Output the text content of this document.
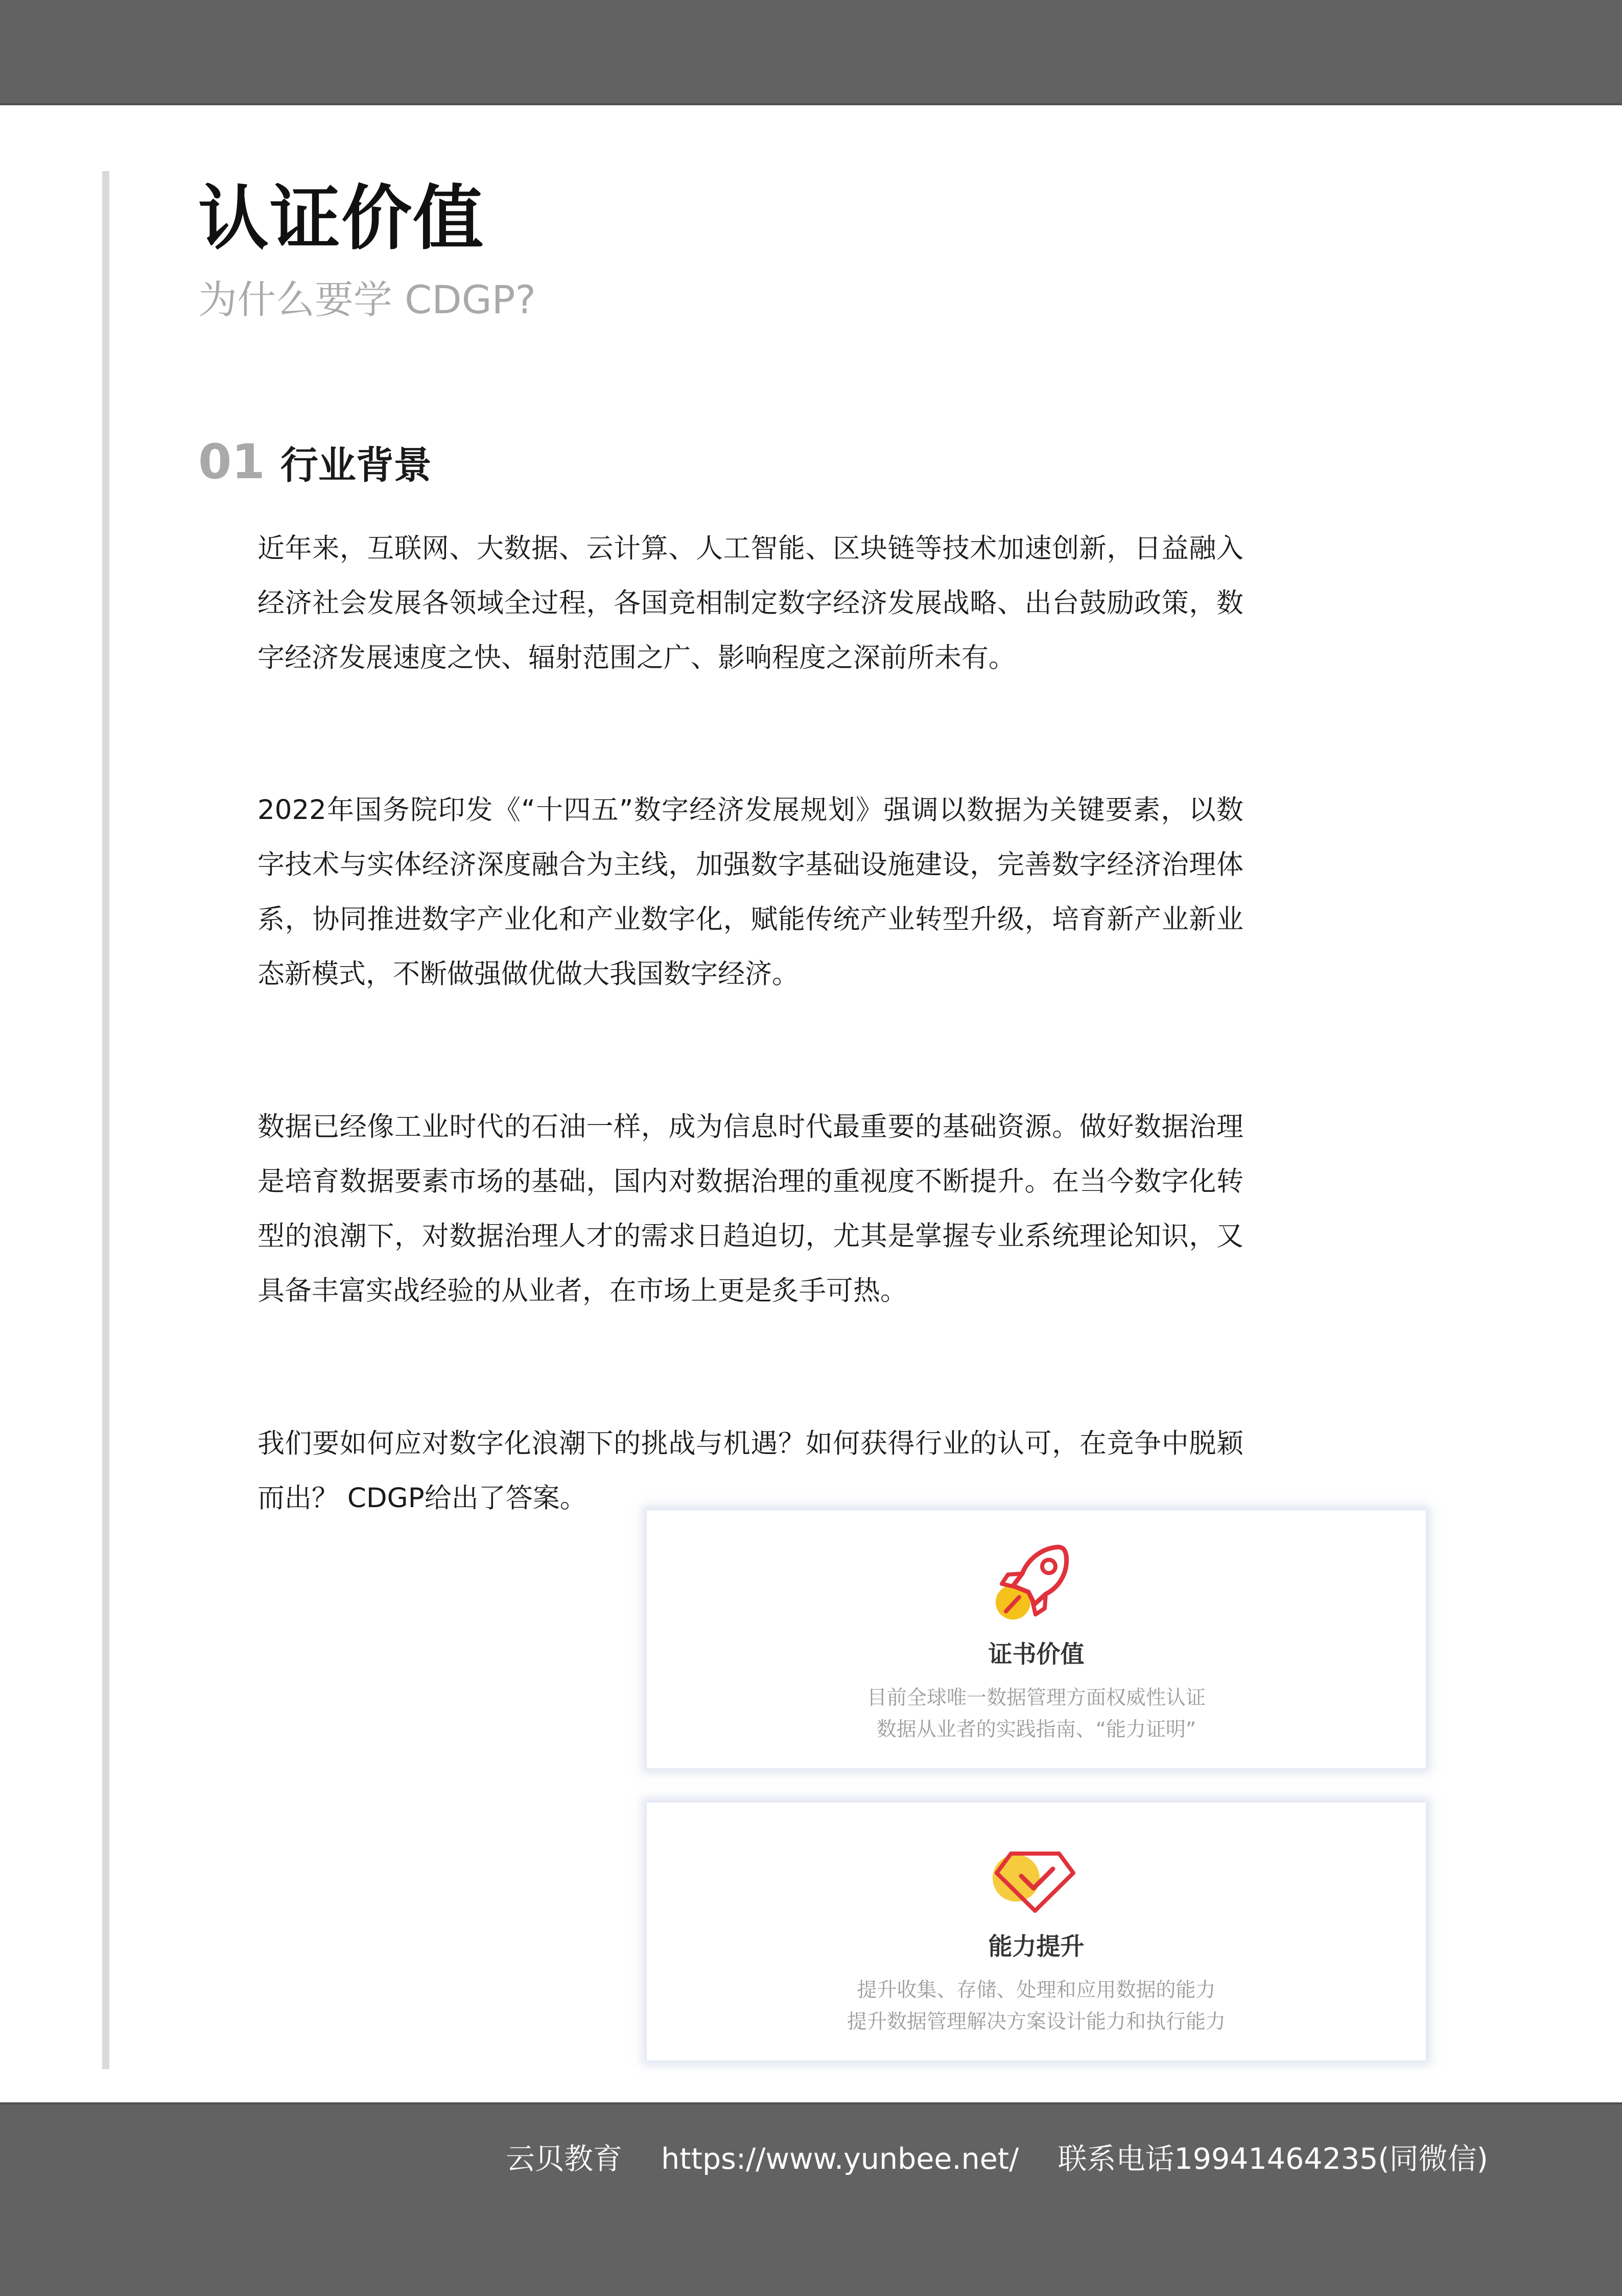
认证价值
为什么要学 CDGP?
01 行业背景

近年来，互联网、大数据、云计算、人工智能、区块链等技术加速创新，日益融入经济社会发展各领域全过程，各国竞相制定数字经济发展战略、出台鼓励政策，数字经济发展速度之快、辐射范围之广、影响程度之深前所未有。

2022年国务院印发《“十四五”数字经济发展规划》强调以数据为关键要素，以数字技术与实体经济深度融合为主线，加强数字基础设施建设，完善数字经济治理体系，协同推进数字产业化和产业数字化，赋能传统产业转型升级，培育新产业新业态新模式，不断做强做优做大我国数字经济。

数据已经像工业时代的石油一样，成为信息时代最重要的基础资源。做好数据治理是培育数据要素市场的基础，国内对数据治理的重视度不断提升。在当今数字化转型的浪潮下，对数据治理人才的需求日趋迫切，尤其是掌握专业系统理论知识，又具备丰富实战经验的从业者，在市场上更是炙手可热。

我们要如何应对数字化浪潮下的挑战与机遇？如何获得行业的认可，在竞争中脱颖而出？ CDGP给出了答案。

证书价值
目前全球唯一数据管理方面权威性认证
数据从业者的实践指南、“能力证明”
能力提升
提升收集、存储、处理和应用数据的能力
提升数据管理解决方案设计能力和执行能力
云贝教育 https://www.yunbee.net/ 联系电话19941464235(同微信)
